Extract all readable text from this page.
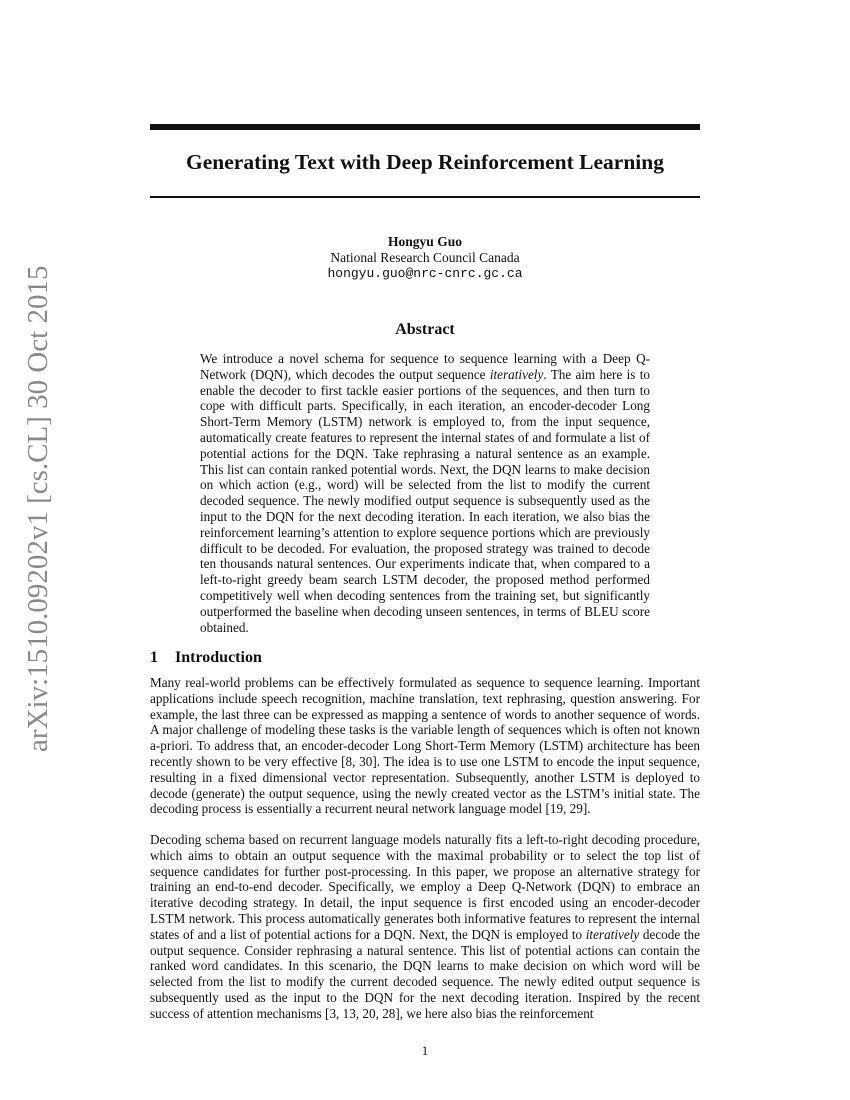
arXiv:1510.09202v1 [cs.CL] 30 Oct 2015
Generating Text with Deep Reinforcement Learning
Hongyu Guo
National Research Council Canada
hongyu.guo@nrc-cnrc.gc.ca
Abstract

We introduce a novel schema for sequence to sequence learning with a Deep Q-Network (DQN), which decodes the output sequence iteratively. The aim here is to enable the decoder to first tackle easier portions of the sequences, and then turn to cope with difficult parts. Specifically, in each iteration, an encoder-decoder Long Short-Term Memory (LSTM) network is employed to, from the input sequence, automatically create features to represent the internal states of and formulate a list of potential actions for the DQN. Take rephrasing a natural sentence as an example. This list can contain ranked potential words. Next, the DQN learns to make decision on which action (e.g., word) will be selected from the list to modify the current decoded sequence. The newly modified output sequence is subsequently used as the input to the DQN for the next decoding iteration. In each iteration, we also bias the reinforcement learning’s attention to explore sequence portions which are previously difficult to be decoded. For evaluation, the proposed strategy was trained to decode ten thousands natural sentences. Our experiments indicate that, when compared to a left-to-right greedy beam search LSTM decoder, the proposed method performed competitively well when decoding sentences from the training set, but significantly outperformed the baseline when decoding unseen sentences, in terms of BLEU score obtained.

1 Introduction

Many real-world problems can be effectively formulated as sequence to sequence learning. Important applications include speech recognition, machine translation, text rephrasing, question answering. For example, the last three can be expressed as mapping a sentence of words to another sequence of words. A major challenge of modeling these tasks is the variable length of sequences which is often not known a-priori. To address that, an encoder-decoder Long Short-Term Memory (LSTM) architecture has been recently shown to be very effective [8, 30]. The idea is to use one LSTM to encode the input sequence, resulting in a fixed dimensional vector representation. Subsequently, another LSTM is deployed to decode (generate) the output sequence, using the newly created vector as the LSTM’s initial state. The decoding process is essentially a recurrent neural network language model [19, 29].

Decoding schema based on recurrent language models naturally fits a left-to-right decoding procedure, which aims to obtain an output sequence with the maximal probability or to select the top list of sequence candidates for further post-processing. In this paper, we propose an alternative strategy for training an end-to-end decoder. Specifically, we employ a Deep Q-Network (DQN) to embrace an iterative decoding strategy. In detail, the input sequence is first encoded using an encoder-decoder LSTM network. This process automatically generates both informative features to represent the internal states of and a list of potential actions for a DQN. Next, the DQN is employed to iteratively decode the output sequence. Consider rephrasing a natural sentence. This list of potential actions can contain the ranked word candidates. In this scenario, the DQN learns to make decision on which word will be selected from the list to modify the current decoded sequence. The newly edited output sequence is subsequently used as the input to the DQN for the next decoding iteration. Inspired by the recent success of attention mechanisms [3, 13, 20, 28], we here also bias the reinforcement

1
